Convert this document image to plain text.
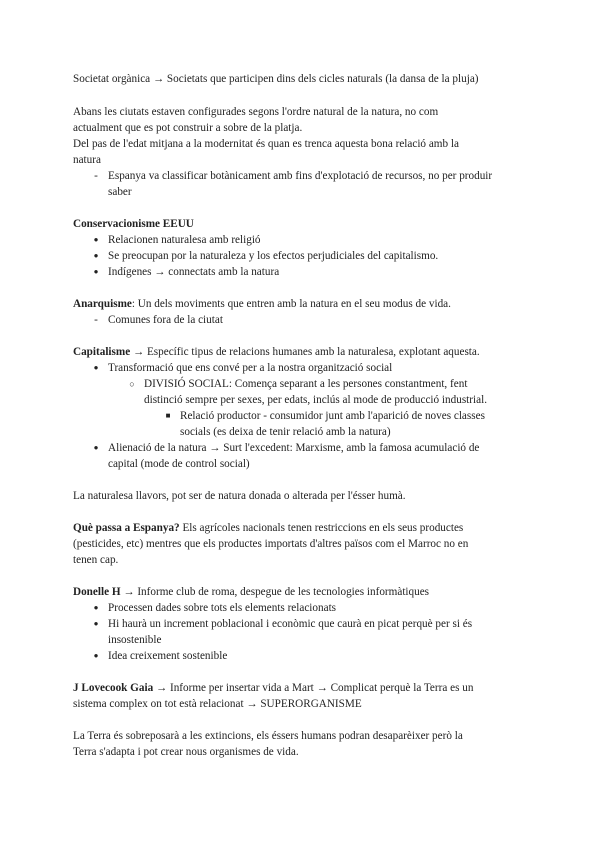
Societat orgànica → Societats que participen dins dels cicles naturals (la dansa de la pluja)

Abans les ciutats estaven configurades segons l'ordre natural de la natura, no com
actualment que es pot construir a sobre de la platja.
Del pas de l'edat mitjana a la modernitat és quan es trenca aquesta bona relació amb la
natura

- Espanya va classificar botànicament amb fins d'explotació de recursos, no per produir
saber

Conservacionisme EEUU

● Relacionen naturalesa amb religió
● Se preocupan por la naturaleza y los efectos perjudiciales del capitalismo.
● Indígenes → connectats amb la natura

Anarquisme: Un dels moviments que entren amb la natura en el seu modus de vida.

- Comunes fora de la ciutat

Capitalisme → Específic tipus de relacions humanes amb la naturalesa, explotant aquesta.

● Transformació que ens convé per a la nostra organització social
○ DIVISIÓ SOCIAL: Comença separant a les persones constantment, fent
distinció sempre per sexes, per edats, inclús al mode de producció industrial.
■ Relació productor - consumidor junt amb l'aparició de noves classes
socials (es deixa de tenir relació amb la natura)
● Alienació de la natura → Surt l'excedent: Marxisme, amb la famosa acumulació de
capital (mode de control social)

La naturalesa llavors, pot ser de natura donada o alterada per l'ésser humà.

Què passa a Espanya? Els agrícoles nacionals tenen restriccions en els seus productes
(pesticides, etc) mentres que els productes importats d'altres països com el Marroc no en
tenen cap.

Donelle H → Informe club de roma, despegue de les tecnologies informàtiques

● Processen dades sobre tots els elements relacionats
● Hi haurà un increment poblacional i econòmic que caurà en picat perquè per si és
insostenible
● Idea creixement sostenible

J Lovecook Gaia → Informe per insertar vida a Mart → Complicat perquè la Terra es un
sistema complex on tot està relacionat → SUPERORGANISME

La Terra és sobreposarà a les extincions, els éssers humans podran desaparèixer però la
Terra s'adapta i pot crear nous organismes de vida.
